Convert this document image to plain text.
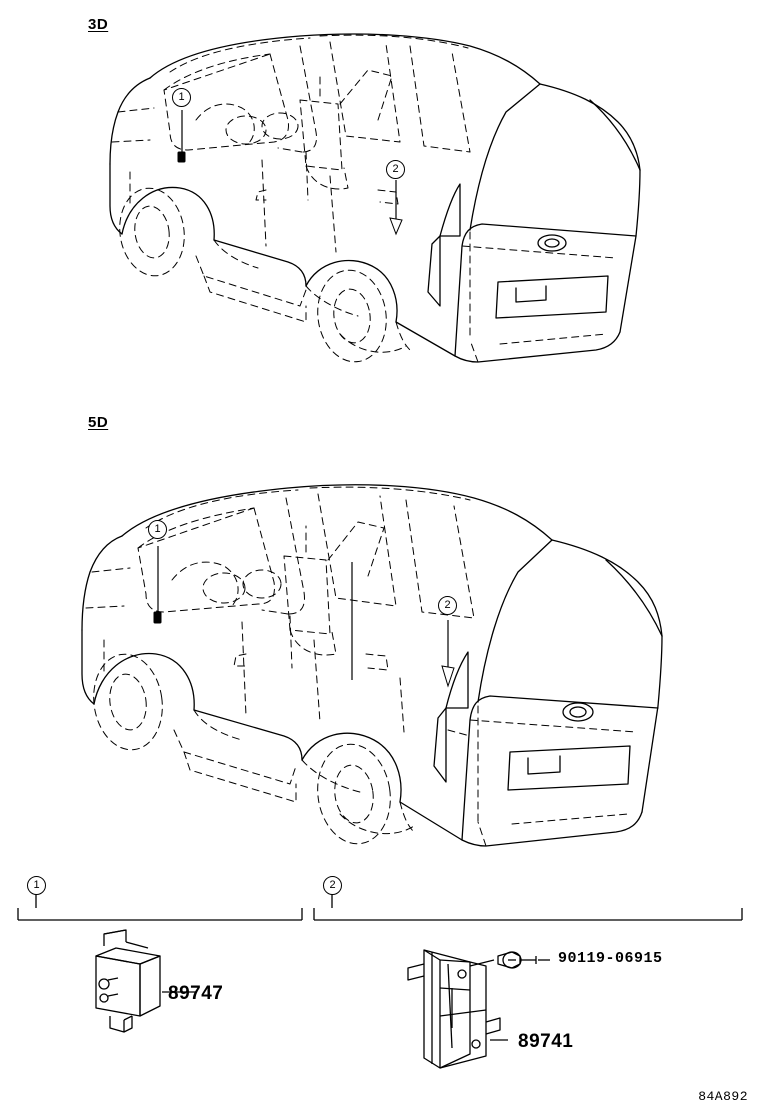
3D
5D
1
2
1
2
1	2
89747
89741
90119-06915
84A892
